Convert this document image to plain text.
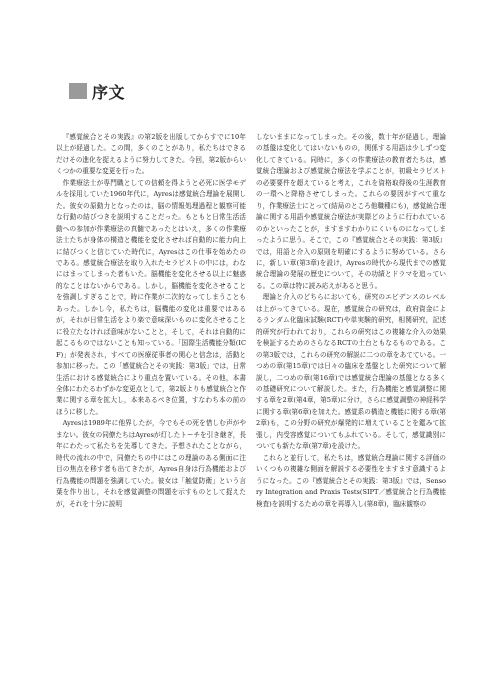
序文

『感覚統合とその実践』の第2版を出版してからすでに10年以上が経過した。この間，多くのことがあり，私たちはできるだけその進化を捉えるように努力してきた。今回，第2版からいくつかの重要な変更を行った。

作業療法士が専門職としての信頼を得ようと必死に医学モデルを採用していた1960年代に，Ayresは感覚統合理論を展開した。彼女の原動力となったのは，脳の情報処理過程と観察可能な行動の結びつきを説明することだった。もともと日常生活活動への参加が作業療法の真髄であったとはいえ，多くの作業療法士たちが身体の構造と機能を変化させれば自動的に能力向上に結びつくと信じていた時代に，Ayresはこの仕事を始めたのである。感覚統合療法を取り入れたセラピストの中には，わなにはまってしまった者もいた。脳機能を変化させる以上に魅惑的なことはないからである。しかし，脳機能を変化させることを強調しすぎることで，時に作業が二次的なってしまうこともあった。しかし今，私たちは，脳機能の変化は重要ではあるが，それが日常生活をより楽で意味深いものに変化させることに役立たなければ意味がないことと，そして，それは自動的に起こるものではないことも知っている。「国際生活機能分類(ICF)」が発表され，すべての医療従事者の関心と信念は，活動と参加に移った。この「感覚統合とその実践：第3版」では，日常生活における感覚統合により重点を置いている。その他，本書全体にわたるわずかな変更点として，第2版よりも感覚統合と作業に関する章を拡大し，本来あるべき位置，すなわち本の前のほうに移した。

Ayresは1989年に他界したが，今でもその死を惜しむ声がやまない。彼女の同僚たちはAyresが灯したトーチを引き継ぎ，長年にわたって私たちを先導してきた。予想されたことながら，時代の流れの中で，同僚たちの中にはこの理論のある側面に注目の焦点を移す者も出てきたが，Ayres自身は行為機能および行為機能の問題を強調していた。彼女は「触覚防衛」という言葉を作り出し，それを感覚調整の問題を示すものとして捉えたが，それを十分に説明

しないままになってしまった。その後，数十年が経過し，理論の基盤は変化してはいないものの，関係する用語は少しずつ変化してきている。同時に，多くの作業療法の教育者たちは，感覚統合理論および感覚統合療法を学ぶことが，初級セラピストの必要要件を超えていると考え，これを資格取得後の生涯教育の一環へと降格させてしまった。これらの要因がすべて重なり，作業療法士にとって(結局のところ他職種にも)，感覚統合理論に関する用語や感覚統合療法が実際どのように行われているのかといったことが，ますますわかりにくいものになってしまったように思う。そこで，この『感覚統合とその実践：第3版』では，用語と介入の原則を明確にするように努めている。さらに，新しい章(第3章)を設け，Ayresの時代から現代までの感覚統合理論の発展の歴史について，その功績とドラマを追っている。この章は特に読み応えがあると思う。

理論と介入のどちらにおいても，研究のエビデンスのレベルは上がってきている。現在，感覚統合の研究は，政府資金によるランダム化臨床試験(RCT)や単実験的研究，相関研究，記述的研究が行われており，これらの研究はこの複雑な介入の効果を検証するためのさらなるRCTの土台ともなるものである。この第3版では，これらの研究の解説に二つの章をあてている。一つめの章(第15章)では日々の臨床を基盤とした研究について解説し，二つめの章(第16章)では感覚統合理論の基盤となる多くの基礎研究について解説した。また，行為機能と感覚調整に関する章を2章(第4章，第5章)に分け，さらに感覚調整の神経科学に関する章(第6章)を加えた。感覚系の構造と機能に関する章(第2章)も，この分野の研究が爆発的に増えていることを鑑みて拡張し，内受容感覚についてもふれている。そして，感覚識別についても新たな章(第7章)を設けた。

これらと並行して，私たちは，感覚統合理論に関する評価のいくつもの複雑な側面を解説する必要性をますます意識するようになった。この『感覚統合とその実践：第3版』では，Sensory Integration and Praxis Tests(SIPT／感覚統合と行為機能検査)を説明するための章を再導入し(第8章)，臨床観察の
